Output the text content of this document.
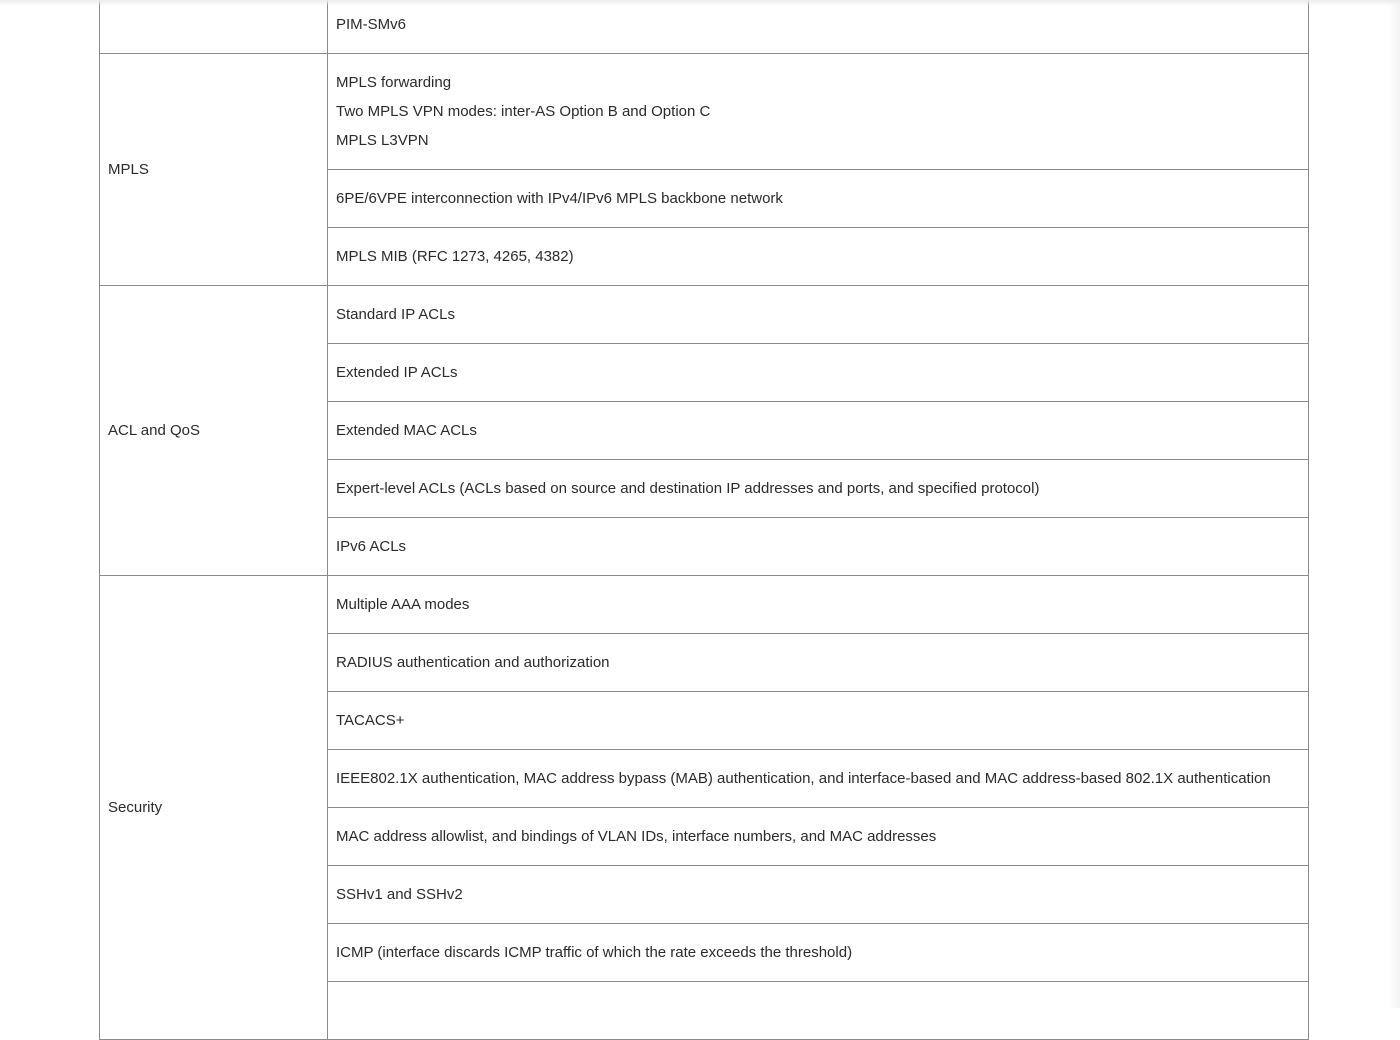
	PIM-SMv6

MPLS	MPLS forwarding
Two MPLS VPN modes: inter-AS Option B and Option C
MPLS L3VPN

	6PE/6VPE interconnection with IPv4/IPv6 MPLS backbone network

	MPLS MIB (RFC 1273, 4265, 4382)

ACL and QoS	Standard IP ACLs

	Extended IP ACLs

	Extended MAC ACLs

	Expert-level ACLs (ACLs based on source and destination IP addresses and ports, and specified protocol)

	IPv6 ACLs

Security	Multiple AAA modes

	RADIUS authentication and authorization

	TACACS+

	IEEE802.1X authentication, MAC address bypass (MAB) authentication, and interface-based and MAC address-based 802.1X authentication

	MAC address allowlist, and bindings of VLAN IDs, interface numbers, and MAC addresses

	SSHv1 and SSHv2

	ICMP (interface discards ICMP traffic of which the rate exceeds the threshold)
